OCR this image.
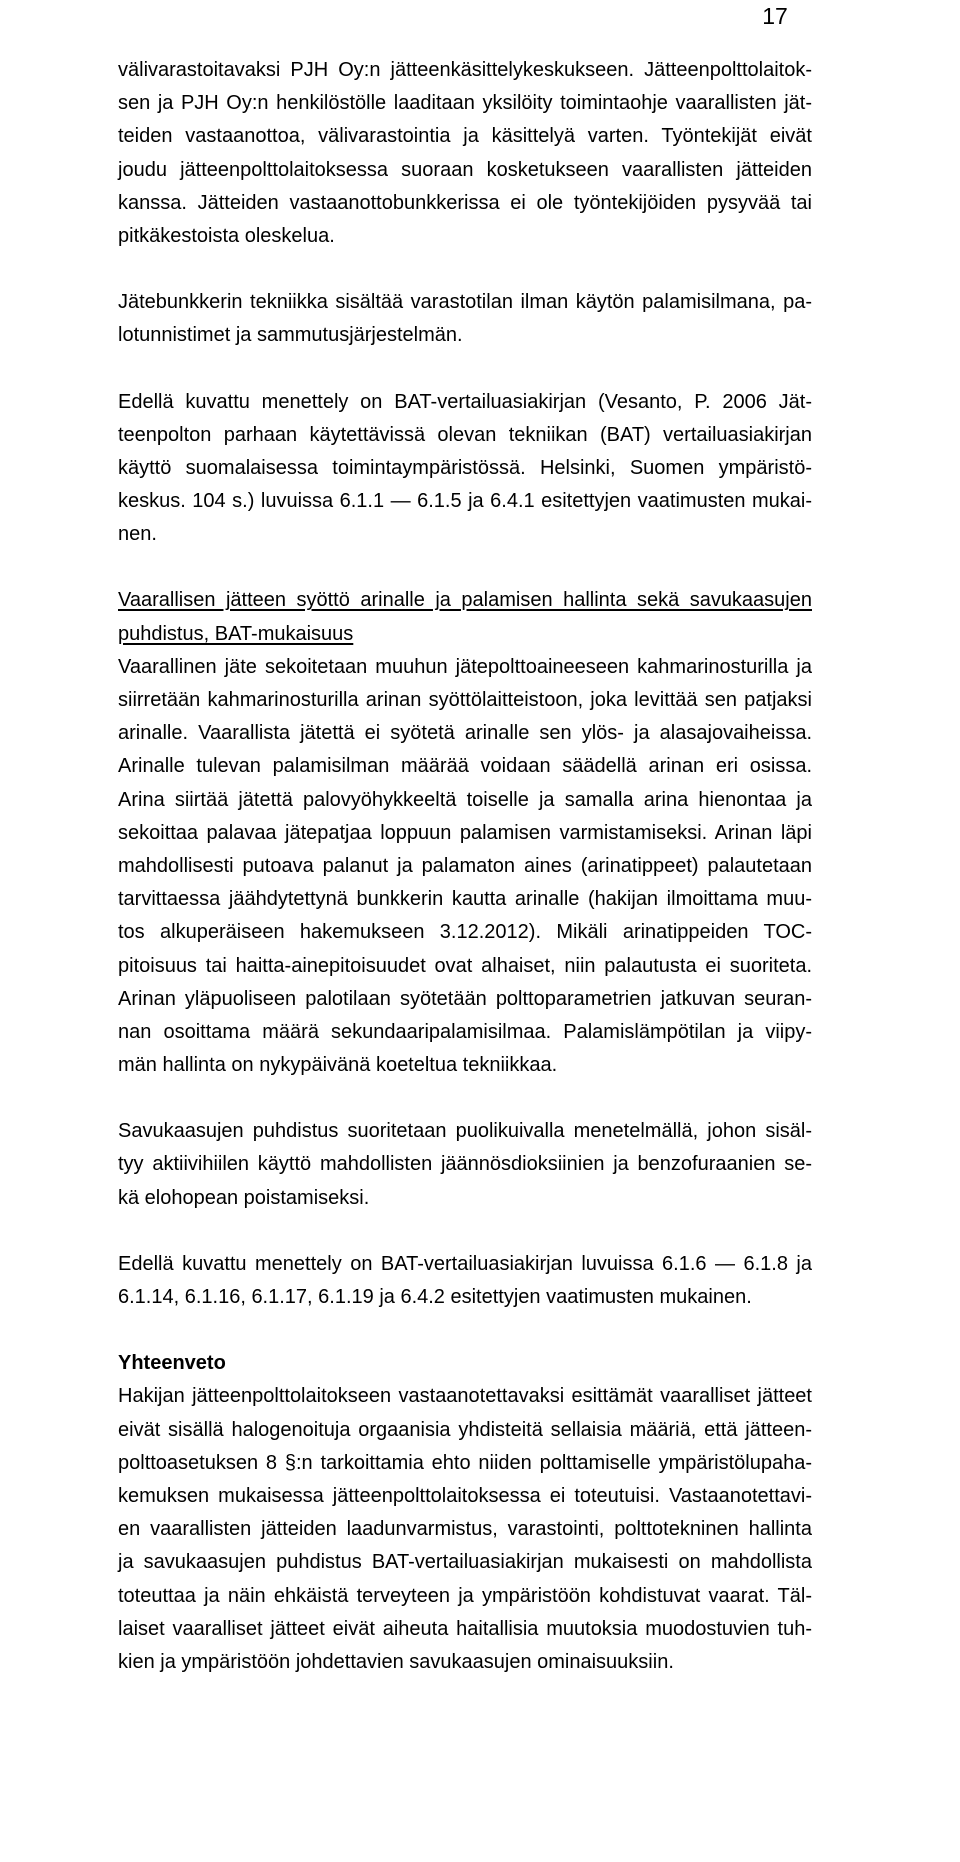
17
välivarastoitavaksi PJH Oy:n jätteenkäsittelykeskukseen. Jätteenpolttolaitok-
sen ja PJH Oy:n henkilöstölle laaditaan yksilöity toimintaohje vaarallisten jät-
teiden vastaanottoa, välivarastointia ja käsittelyä varten. Työntekijät eivät
joudu jätteenpolttolaitoksessa suoraan kosketukseen vaarallisten jätteiden
kanssa. Jätteiden vastaanottobunkkerissa ei ole työntekijöiden pysyvää tai
pitkäkestoista oleskelua.
Jätebunkkerin tekniikka sisältää varastotilan ilman käytön palamisilmana, pa-
lotunnistimet ja sammutusjärjestelmän.
Edellä kuvattu menettely on BAT-vertailuasiakirjan (Vesanto, P. 2006 Jät-
teenpolton parhaan käytettävissä olevan tekniikan (BAT) vertailuasiakirjan
käyttö suomalaisessa toimintaympäristössä. Helsinki, Suomen ympäristö-
keskus. 104 s.) luvuissa 6.1.1 — 6.1.5 ja 6.4.1 esitettyjen vaatimusten mukai-
nen.
Vaarallisen jätteen syöttö arinalle ja palamisen hallinta sekä savukaasujen
puhdistus, BAT-mukaisuus
Vaarallinen jäte sekoitetaan muuhun jätepolttoaineeseen kahmarinosturilla ja
siirretään kahmarinosturilla arinan syöttölaitteistoon, joka levittää sen patjaksi
arinalle. Vaarallista jätettä ei syötetä arinalle sen ylös- ja alasajovaiheissa.
Arinalle tulevan palamisilman määrää voidaan säädellä arinan eri osissa.
Arina siirtää jätettä palovyöhykkeeltä toiselle ja samalla arina hienontaa ja
sekoittaa palavaa jätepatjaa loppuun palamisen varmistamiseksi. Arinan läpi
mahdollisesti putoava palanut ja palamaton aines (arinatippeet) palautetaan
tarvittaessa jäähdytettynä bunkkerin kautta arinalle (hakijan ilmoittama muu-
tos alkuperäiseen hakemukseen 3.12.2012). Mikäli arinatippeiden TOC-
pitoisuus tai haitta-ainepitoisuudet ovat alhaiset, niin palautusta ei suoriteta.
Arinan yläpuoliseen palotilaan syötetään polttoparametrien jatkuvan seuran-
nan osoittama määrä sekundaaripalamisilmaa. Palamislämpötilan ja viipy-
män hallinta on nykypäivänä koeteltua tekniikkaa.
Savukaasujen puhdistus suoritetaan puolikuivalla menetelmällä, johon sisäl-
tyy aktiivihiilen käyttö mahdollisten jäännösdioksiinien ja benzofuraanien se-
kä elohopean poistamiseksi.
Edellä kuvattu menettely on BAT-vertailuasiakirjan luvuissa 6.1.6 — 6.1.8 ja
6.1.14, 6.1.16, 6.1.17, 6.1.19 ja 6.4.2 esitettyjen vaatimusten mukainen.
Yhteenveto
Hakijan jätteenpolttolaitokseen vastaanotettavaksi esittämät vaaralliset jätteet
eivät sisällä halogenoituja orgaanisia yhdisteitä sellaisia määriä, että jätteen-
polttoasetuksen 8 §:n tarkoittamia ehto niiden polttamiselle ympäristölupaha-
kemuksen mukaisessa jätteenpolttolaitoksessa ei toteutuisi. Vastaanotettavi-
en vaarallisten jätteiden laadunvarmistus, varastointi, polttotekninen hallinta
ja savukaasujen puhdistus BAT-vertailuasiakirjan mukaisesti on mahdollista
toteuttaa ja näin ehkäistä terveyteen ja ympäristöön kohdistuvat vaarat. Täl-
laiset vaaralliset jätteet eivät aiheuta haitallisia muutoksia muodostuvien tuh-
kien ja ympäristöön johdettavien savukaasujen ominaisuuksiin.
